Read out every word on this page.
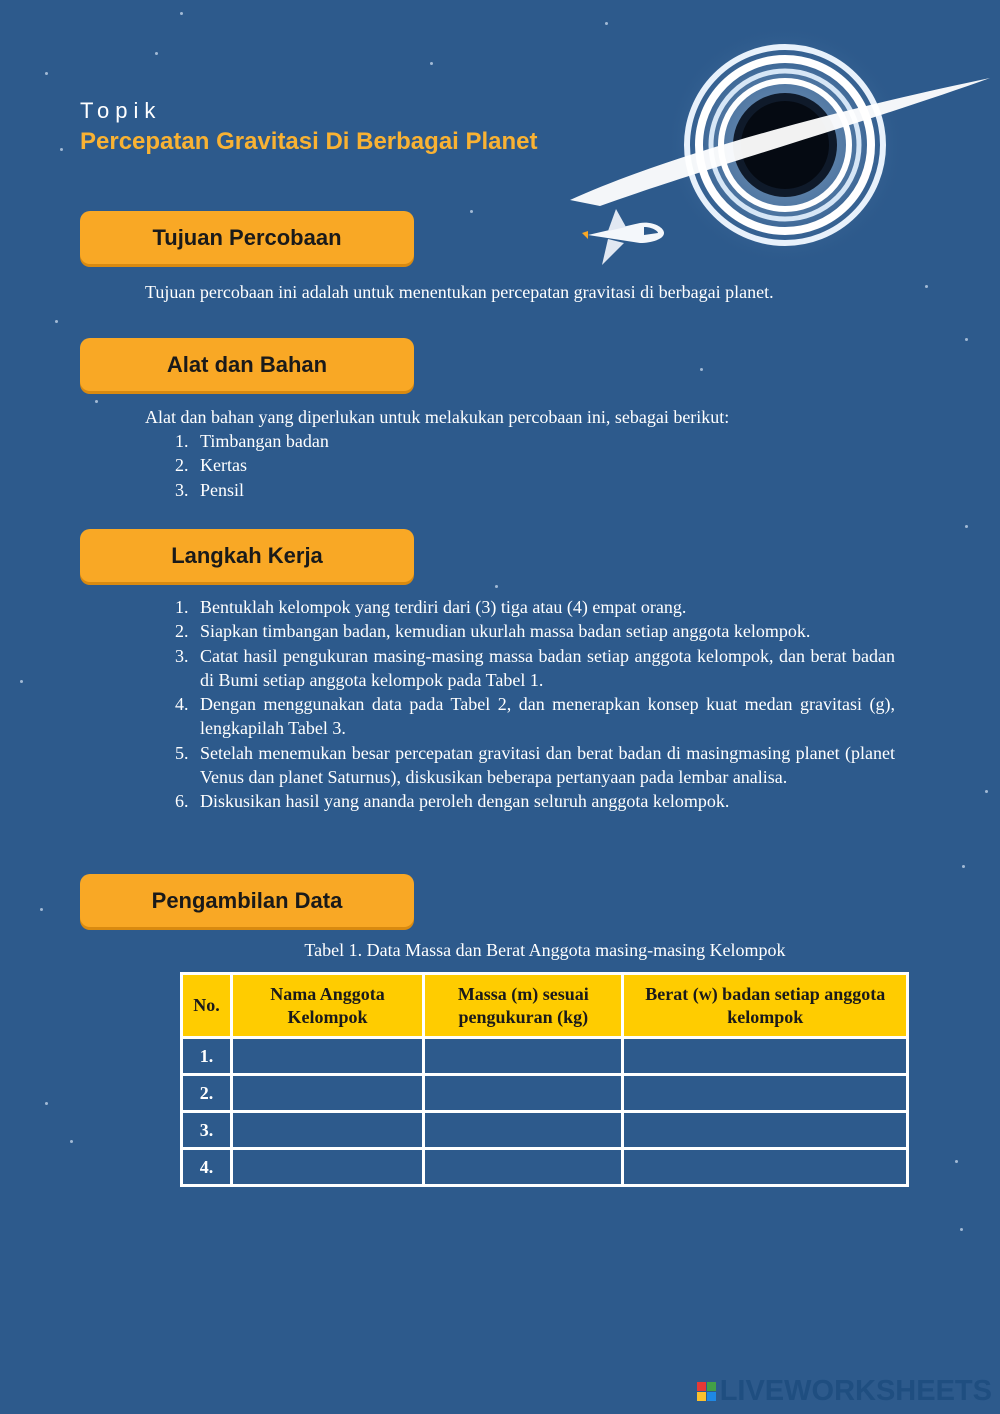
Topik
Percepatan Gravitasi Di Berbagai Planet
Tujuan Percobaan
Tujuan percobaan ini adalah untuk menentukan percepatan gravitasi di berbagai planet.
Alat dan Bahan
Alat dan bahan yang diperlukan untuk melakukan percobaan ini, sebagai berikut:
1. Timbangan badan
2. Kertas
3. Pensil
Langkah Kerja
1. Bentuklah kelompok yang terdiri dari (3) tiga atau (4) empat orang.
2. Siapkan timbangan badan, kemudian ukurlah massa badan setiap anggota kelompok.
3. Catat hasil pengukuran masing-masing massa badan setiap anggota kelompok, dan berat badan di Bumi setiap anggota kelompok pada Tabel 1.
4. Dengan menggunakan data pada Tabel 2, dan menerapkan konsep kuat medan gravitasi (g), lengkapilah Tabel 3.
5. Setelah menemukan besar percepatan gravitasi dan berat badan di masingmasing planet (planet Venus dan planet Saturnus), diskusikan beberapa pertanyaan pada lembar analisa.
6. Diskusikan hasil yang ananda peroleh dengan seluruh anggota kelompok.
Pengambilan Data
Tabel 1. Data Massa dan Berat Anggota masing-masing Kelompok
No.	Nama Anggota Kelompok	Massa (m) sesuai pengukuran (kg)	Berat (w) badan setiap anggota kelompok
1.			
2.			
3.			
4.			
LIVEWORKSHEETS
